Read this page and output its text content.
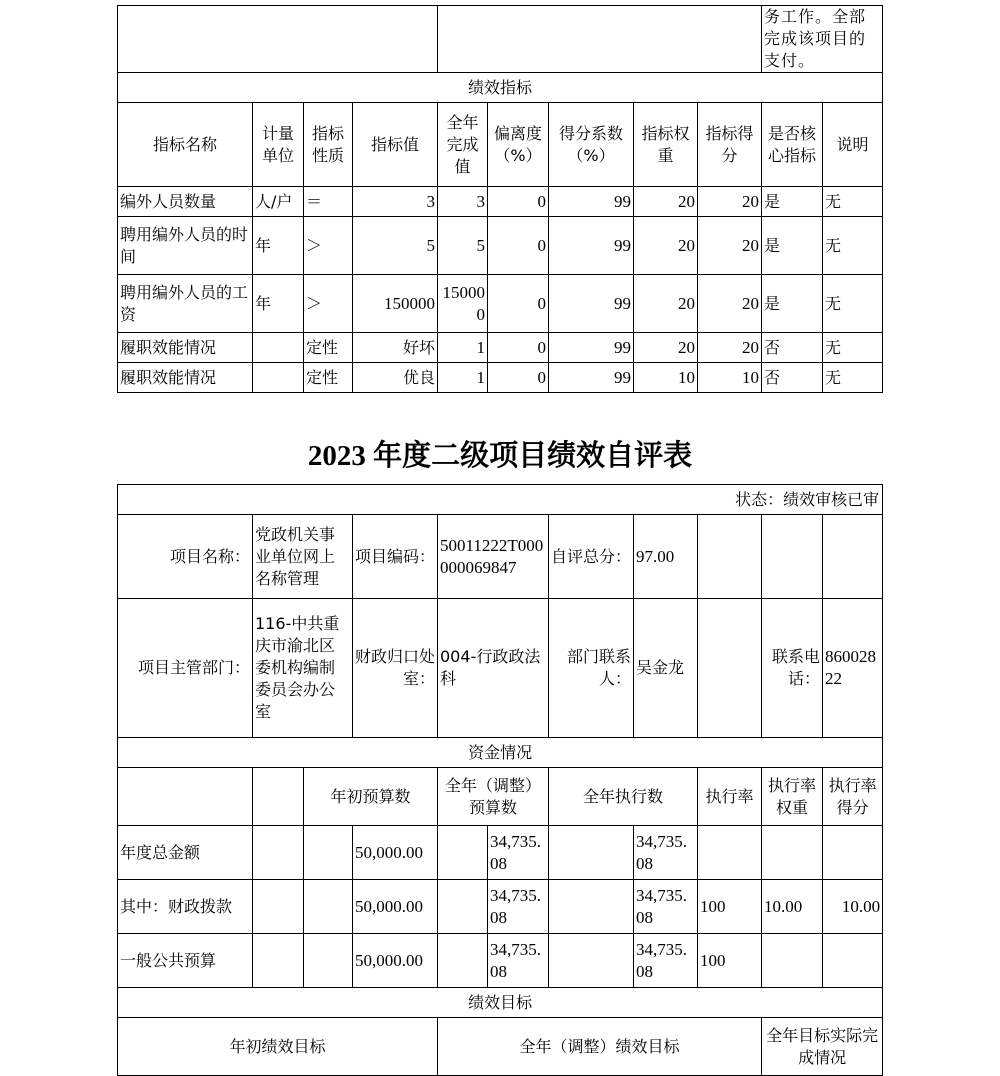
									务工作。全部完成该项目的支付。	
绩效指标										
指标名称	计量单位	指标性质	指标值	全年完成值	偏离度（%）	得分系数（%）	指标权重	指标得分	是否核心指标	说明
编外人员数量	人/户	＝	3	3	0	99	20	20	是	无
聘用编外人员的时间	年	＞	5	5	0	99	20	20	是	无
聘用编外人员的工资	年	＞	150000	150000	0	99	20	20	是	无
履职效能情况		定性	好坏	1	0	99	20	20	否	无
履职效能情况		定性	优良	1	0	99	10	10	否	无
2023 年度二级项目绩效自评表
状态：绩效审核已审										
项目名称：	党政机关事业单位网上名称管理		项目编码：	50011222T000000069847		自评总分：	97.00			
项目主管部门：	116-中共重庆市渝北区委机构编制委员会办公室		财政归口处室：	004-行政政法科		部门联系人：	吴金龙		联系电话：	86002822
资金情况										
		年初预算数		全年（调整）预算数		全年执行数		执行率	执行率权重	执行率得分
年度总金额			50,000.00		34,735.08		34,735.08			
其中：财政拨款			50,000.00		34,735.08		34,735.08	100	10.00	10.00
一般公共预算			50,000.00		34,735.08		34,735.08	100		
绩效目标										
年初绩效目标				全年（调整）绩效目标					全年目标实际完成情况	
